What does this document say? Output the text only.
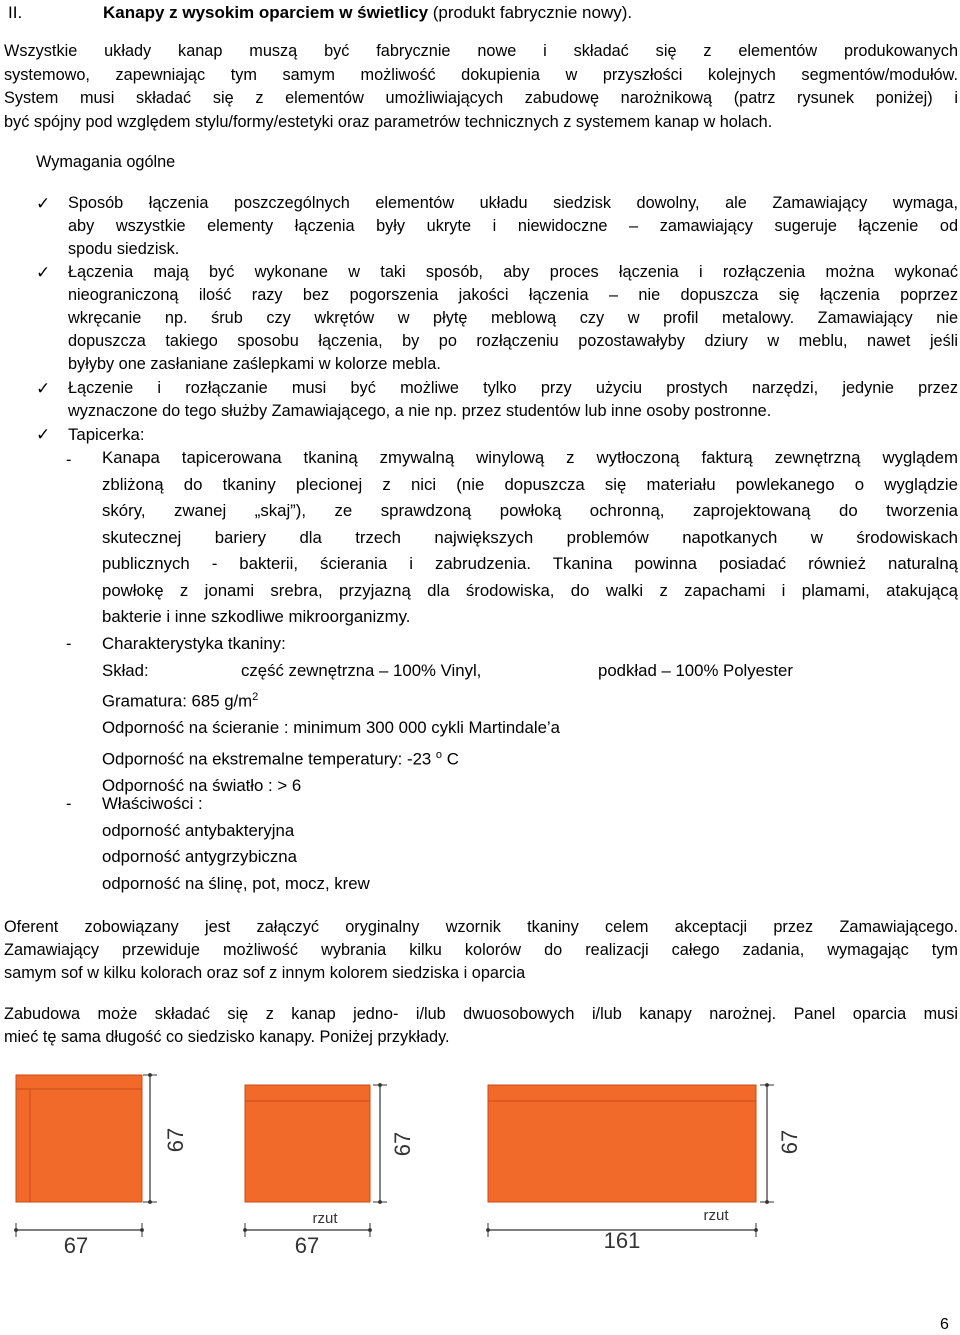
II.	Kanapy z wysokim oparciem w świetlicy (produkt fabrycznie nowy).
Wszystkie układy kanap muszą być fabrycznie nowe i składać się z elementów produkowanych
systemowo, zapewniając tym samym możliwość dokupienia w przyszłości kolejnych segmentów/modułów.
System musi składać się z elementów umożliwiających zabudowę narożnikową (patrz rysunek poniżej) i
być spójny pod względem stylu/formy/estetyki oraz parametrów technicznych z systemem kanap w holach.
Wymagania ogólne
✓ Sposób łączenia poszczególnych elementów układu siedzisk dowolny, ale Zamawiający wymaga,
aby wszystkie elementy łączenia były ukryte i niewidoczne – zamawiający sugeruje łączenie od
spodu siedzisk.
✓ Łączenia mają być wykonane w taki sposób, aby proces łączenia i rozłączenia można wykonać
nieograniczoną ilość razy bez pogorszenia jakości łączenia – nie dopuszcza się łączenia poprzez
wkręcanie np. śrub czy wkrętów w płytę meblową czy w profil metalowy. Zamawiający nie
dopuszcza takiego sposobu łączenia, by po rozłączeniu pozostawałyby dziury w meblu, nawet jeśli
byłyby one zasłaniane zaślepkami w kolorze mebla.
✓ Łączenie i rozłączanie musi być możliwe tylko przy użyciu prostych narzędzi, jedynie przez
wyznaczone do tego służby Zamawiającego, a nie np. przez studentów lub inne osoby postronne.
✓ Tapicerka:
- Kanapa tapicerowana tkaniną zmywalną winylową z wytłoczoną fakturą zewnętrzną wyglądem
zbliżoną do tkaniny plecionej z nici (nie dopuszcza się materiału powlekanego o wyglądzie
skóry, zwanej „skaj”), ze sprawdzoną powłoką ochronną, zaprojektowaną do tworzenia
skutecznej bariery dla trzech największych problemów napotkanych w środowiskach
publicznych - bakterii, ścierania i zabrudzenia. Tkanina powinna posiadać również naturalną
powłokę z jonami srebra, przyjazną dla środowiska, do walki z zapachami i plamami, atakującą
bakterie i inne szkodliwe mikroorganizmy.
- Charakterystyka tkaniny:
Skład:	część zewnętrzna – 100% Vinyl,	podkład – 100% Polyester
Gramatura: 685 $g/m^2$
Odporność na ścieranie : minimum 300 000 cykli Martindale’a
Odporność na ekstremalne temperatury: -23 $^o$ C
Odporność na światło : > 6
- Właściwości :
odporność antybakteryjna
odporność antygrzybiczna
odporność na ślinę, pot, mocz, krew
Oferent zobowiązany jest załączyć oryginalny wzornik tkaniny celem akceptacji przez Zamawiającego.
Zamawiający przewiduje możliwość wybrania kilku kolorów do realizacji całego zadania, wymagając tym
samym sof w kilku kolorach oraz sof z innym kolorem siedziska i oparcia
Zabudowa może składać się z kanap jedno- i/lub dwuosobowych i/lub kanapy narożnej. Panel oparcia musi
mieć tę sama długość co siedzisko kanapy. Poniżej przykłady.
67
67
67
rzut
67
67
rzut
161
6
